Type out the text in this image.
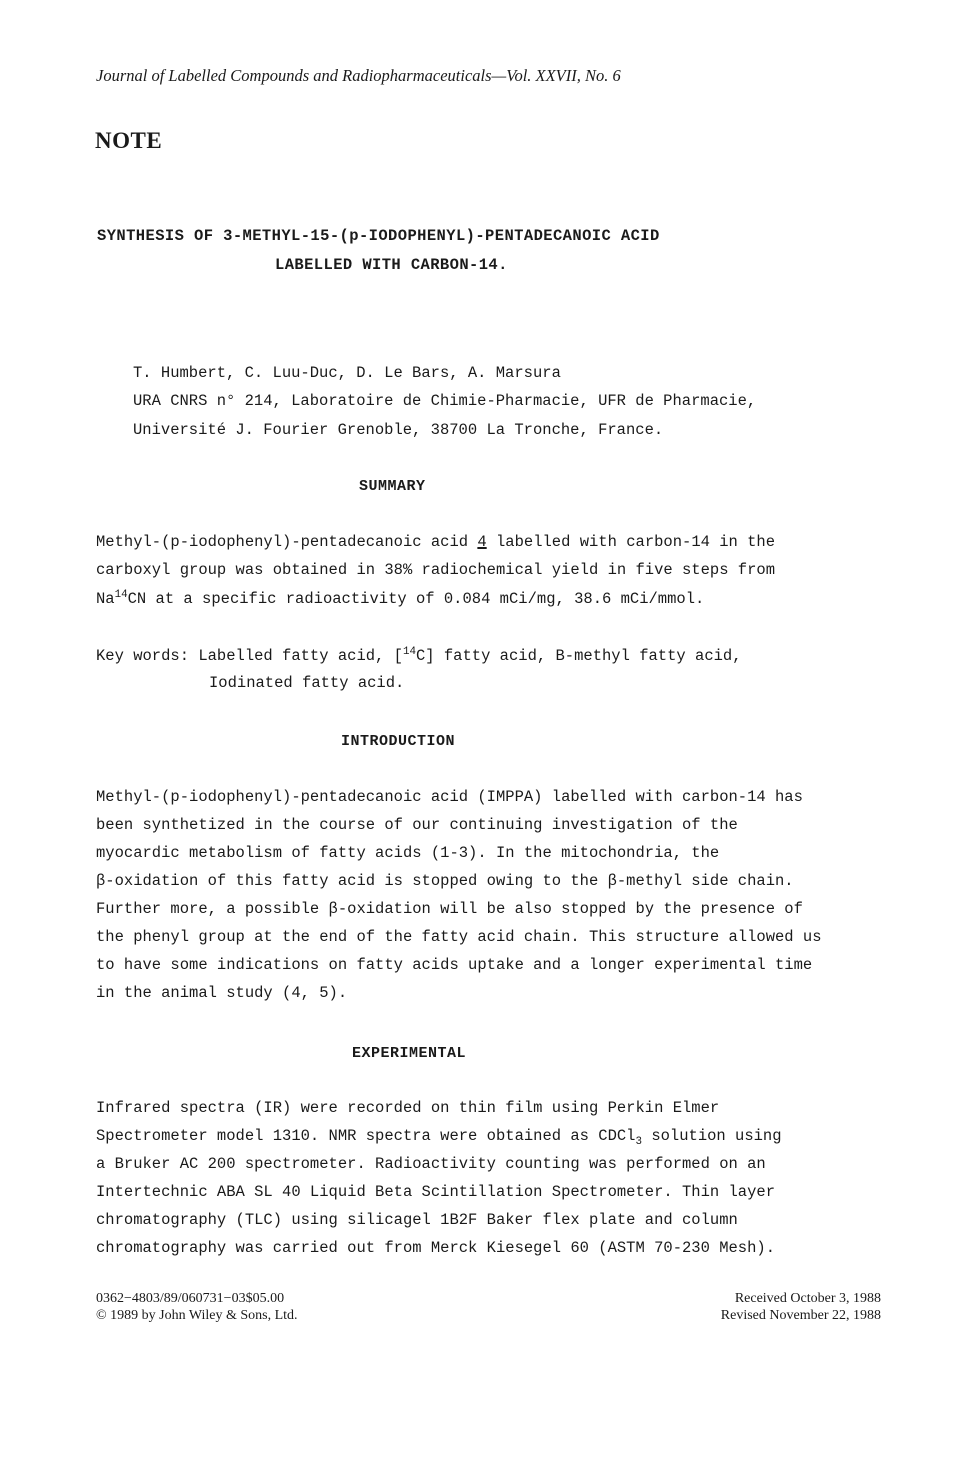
Journal of Labelled Compounds and Radiopharmaceuticals—Vol. XXVII, No. 6

NOTE

SYNTHESIS OF 3-METHYL-15-(p-IODOPHENYL)-PENTADECANOIC ACID

LABELLED WITH CARBON-14.

T. Humbert, C. Luu-Duc, D. Le Bars, A. Marsura

URA CNRS n° 214, Laboratoire de Chimie-Pharmacie, UFR de Pharmacie,

Université J. Fourier Grenoble, 38700 La Tronche, France.

SUMMARY

Methyl-(p-iodophenyl)-pentadecanoic acid 4 labelled with carbon-14 in the

carboxyl group was obtained in 38% radiochemical yield in five steps from

Na$^{14}$CN at a specific radioactivity of 0.084 mCi/mg, 38.6 mCi/mmol.

Key words: Labelled fatty acid, [$^{14}$C] fatty acid, B-methyl fatty acid,

Iodinated fatty acid.

INTRODUCTION

Methyl-(p-iodophenyl)-pentadecanoic acid (IMPPA) labelled with carbon-14 has

been synthetized in the course of our continuing investigation of the

myocardic metabolism of fatty acids (1-3). In the mitochondria, the

β-oxidation of this fatty acid is stopped owing to the β-methyl side chain.

Further more, a possible β-oxidation will be also stopped by the presence of

the phenyl group at the end of the fatty acid chain. This structure allowed us

to have some indications on fatty acids uptake and a longer experimental time

in the animal study (4, 5).

EXPERIMENTAL

Infrared spectra (IR) were recorded on thin film using Perkin Elmer

Spectrometer model 1310. NMR spectra were obtained as CDCl$_3$ solution using

a Bruker AC 200 spectrometer. Radioactivity counting was performed on an

Intertechnic ABA SL 40 Liquid Beta Scintillation Spectrometer. Thin layer

chromatography (TLC) using silicagel 1B2F Baker flex plate and column

chromatography was carried out from Merck Kiesegel 60 (ASTM 70-230 Mesh).

0362−4803/89/060731−03$05.00

© 1989 by John Wiley & Sons, Ltd.

Received October 3, 1988

Revised November 22, 1988
